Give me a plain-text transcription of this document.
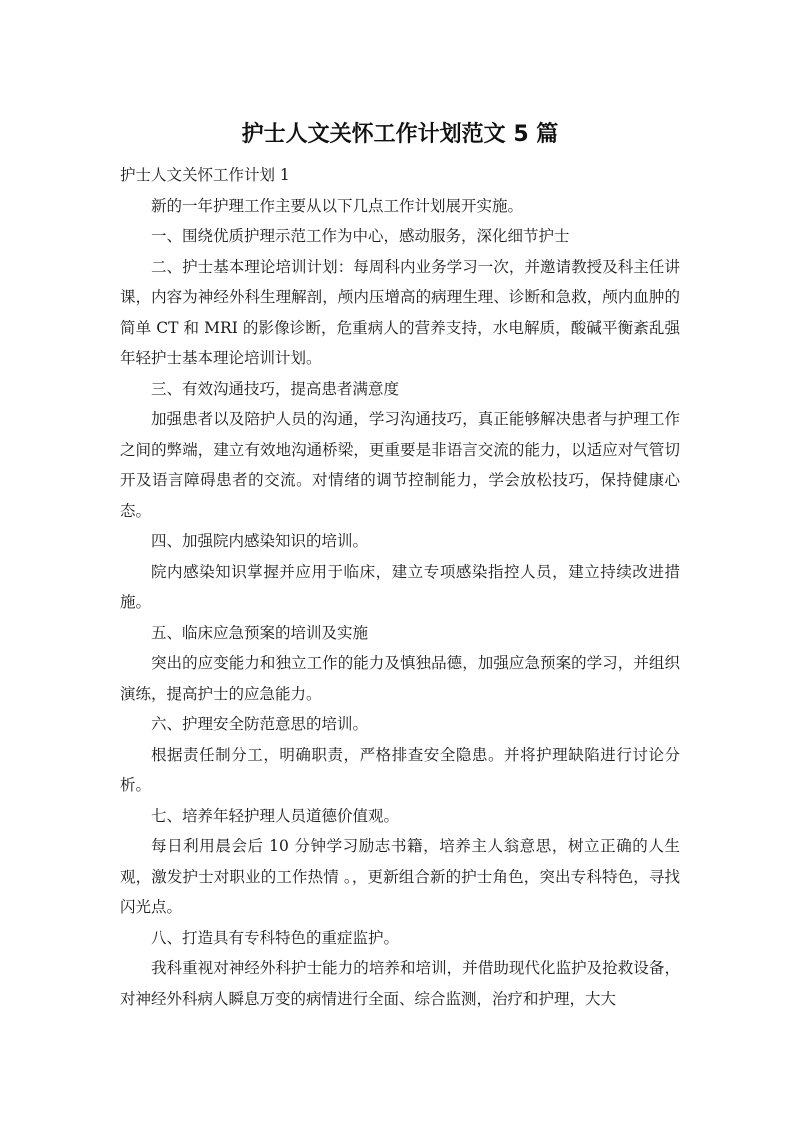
护士人文关怀工作计划范文 5 篇

护士人文关怀工作计划 1

新的一年护理工作主要从以下几点工作计划展开实施。

一、围绕优质护理示范工作为中心，感动服务，深化细节护士

二、护士基本理论培训计划：每周科内业务学习一次，并邀请教授及科主任讲课，内容为神经外科生理解剖，颅内压增高的病理生理、诊断和急救，颅内血肿的简单 CT 和 MRI 的影像诊断，危重病人的营养支持，水电解质，酸碱平衡紊乱强年轻护士基本理论培训计划。

三、有效沟通技巧，提高患者满意度

加强患者以及陪护人员的沟通，学习沟通技巧，真正能够解决患者与护理工作之间的弊端，建立有效地沟通桥梁，更重要是非语言交流的能力，以适应对气管切开及语言障碍患者的交流。对情绪的调节控制能力，学会放松技巧，保持健康心态。

四、加强院内感染知识的培训。

院内感染知识掌握并应用于临床，建立专项感染指控人员，建立持续改进措施。

五、临床应急预案的培训及实施

突出的应变能力和独立工作的能力及慎独品德，加强应急预案的学习，并组织演练，提高护士的应急能力。

六、护理安全防范意思的培训。

根据责任制分工，明确职责，严格排查安全隐患。并将护理缺陷进行讨论分析。

七、培养年轻护理人员道德价值观。

每日利用晨会后 10 分钟学习励志书籍，培养主人翁意思，树立正确的人生观，激发护士对职业的工作热情 。，更新组合新的护士角色，突出专科特色，寻找闪光点。

八、打造具有专科特色的重症监护。

我科重视对神经外科护士能力的培养和培训，并借助现代化监护及抢救设备，对神经外科病人瞬息万变的病情进行全面、综合监测，治疗和护理，大大
